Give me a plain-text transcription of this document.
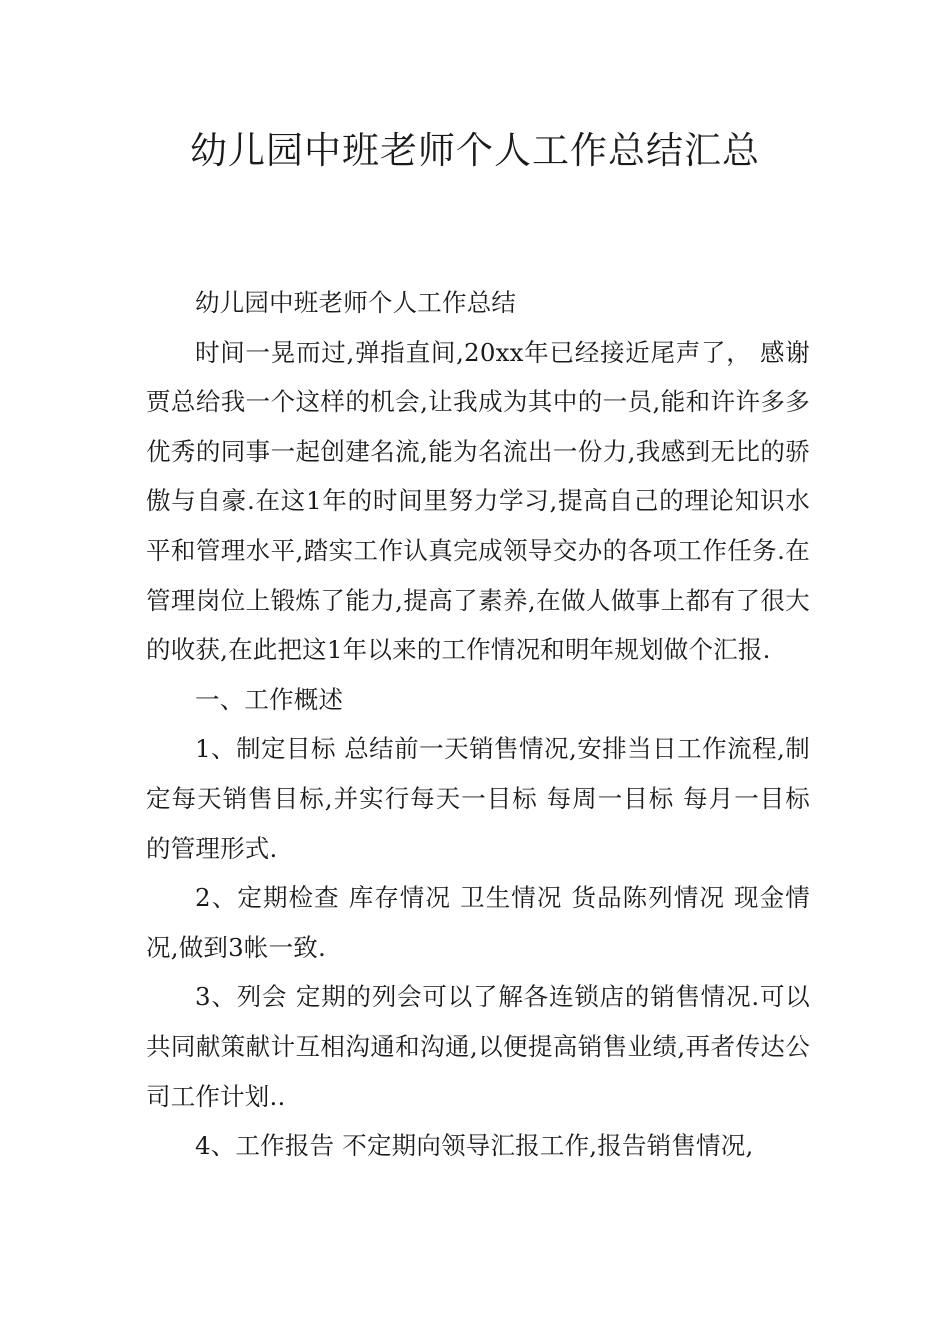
幼儿园中班老师个人工作总结汇总

幼儿园中班老师个人工作总结

时间一晃而过,弹指直间,20xx年已经接近尾声了， 感谢贾总给我一个这样的机会,让我成为其中的一员,能和许许多多优秀的同事一起创建名流,能为名流出一份力,我感到无比的骄傲与自豪.在这1年的时间里努力学习,提高自己的理论知识水平和管理水平,踏实工作认真完成领导交办的各项工作任务.在管理岗位上锻炼了能力,提高了素养,在做人做事上都有了很大的收获,在此把这1年以来的工作情况和明年规划做个汇报.

一、工作概述

1、制定目标 总结前一天销售情况,安排当日工作流程,制定每天销售目标,并实行每天一目标 每周一目标 每月一目标的管理形式.

2、定期检查 库存情况 卫生情况 货品陈列情况 现金情况,做到3帐一致.

3、列会 定期的列会可以了解各连锁店的销售情况.可以共同献策献计互相沟通和沟通,以便提高销售业绩,再者传达公司工作计划..

4、工作报告 不定期向领导汇报工作,报告销售情况,
